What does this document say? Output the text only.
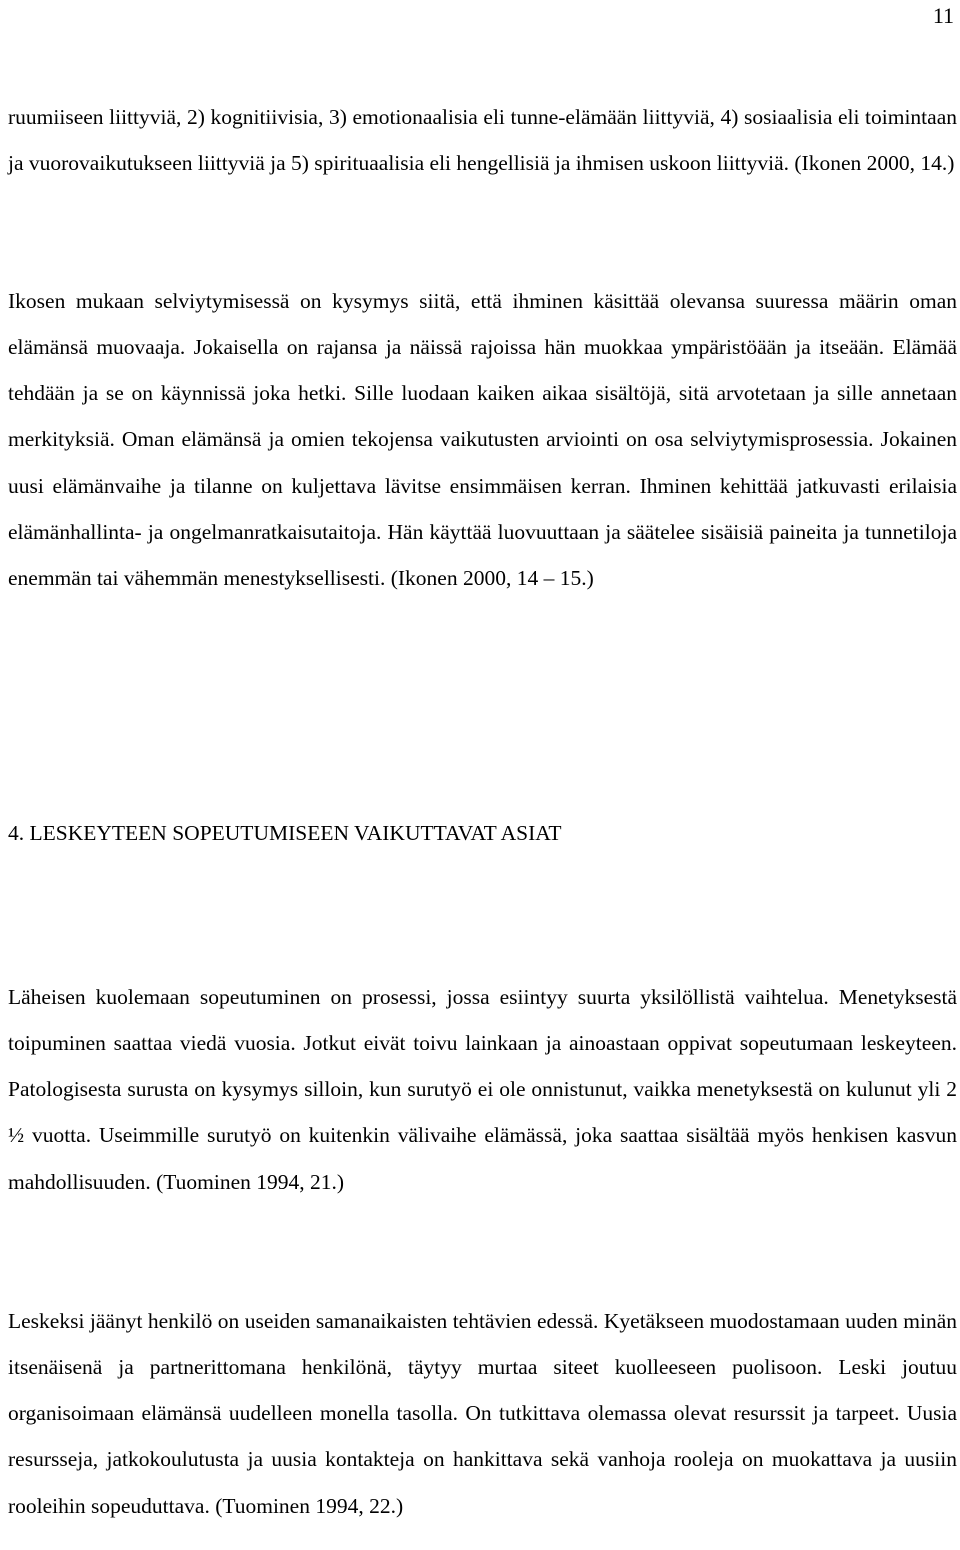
11

ruumiiseen liittyviä, 2) kognitiivisia, 3) emotionaalisia eli tunne-elämään liittyviä, 4) sosiaalisia eli toimintaan ja vuorovaikutukseen liittyviä ja 5) spirituaalisia eli hengellisiä ja ihmisen uskoon liittyviä. (Ikonen 2000, 14.)

Ikosen mukaan selviytymisessä on kysymys siitä, että ihminen käsittää olevansa suuressa määrin oman elämänsä muovaaja. Jokaisella on rajansa ja näissä rajoissa hän muokkaa ympäristöään ja itseään. Elämää tehdään ja se on käynnissä joka hetki. Sille luodaan kaiken aikaa sisältöjä, sitä arvotetaan ja sille annetaan merkityksiä. Oman elämänsä ja omien tekojensa vaikutusten arviointi on osa selviytymisprosessia. Jokainen uusi elämänvaihe ja tilanne on kuljettava lävitse ensimmäisen kerran. Ihminen kehittää jatkuvasti erilaisia elämänhallinta- ja ongelmanratkaisutaitoja. Hän käyttää luovuuttaan ja säätelee sisäisiä paineita ja tunnetiloja enemmän tai vähemmän menestyksellisesti. (Ikonen 2000, 14 – 15.)

4. LESKEYTEEN SOPEUTUMISEEN VAIKUTTAVAT ASIAT

Läheisen kuolemaan sopeutuminen on prosessi, jossa esiintyy suurta yksilöllistä vaihtelua. Menetyksestä toipuminen saattaa viedä vuosia. Jotkut eivät toivu lainkaan ja ainoastaan oppivat sopeutumaan leskeyteen. Patologisesta surusta on kysymys silloin, kun surutyö ei ole onnistunut, vaikka menetyksestä on kulunut yli 2 ½ vuotta. Useimmille surutyö on kuitenkin välivaihe elämässä, joka saattaa sisältää myös henkisen kasvun mahdollisuuden. (Tuominen 1994, 21.)

Leskeksi jäänyt henkilö on useiden samanaikaisten tehtävien edessä. Kyetäkseen muodostamaan uuden minän itsenäisenä ja partnerittomana henkilönä, täytyy murtaa siteet kuolleeseen puolisoon. Leski joutuu organisoimaan elämänsä uudelleen monella tasolla. On tutkittava olemassa olevat resurssit ja tarpeet. Uusia resursseja, jatkokoulutusta ja uusia kontakteja on hankittava sekä vanhoja rooleja on muokattava ja uusiin rooleihin sopeuduttava. (Tuominen 1994, 22.)
